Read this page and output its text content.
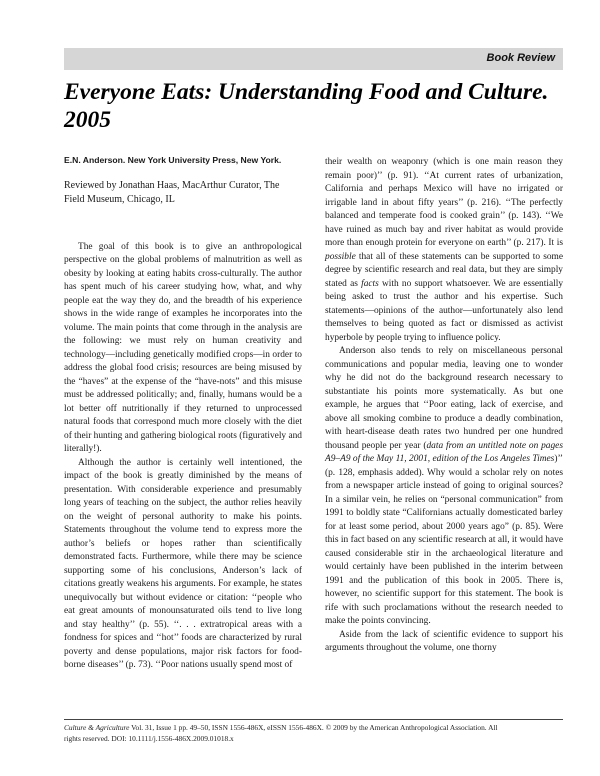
Book Review
Everyone Eats: Understanding Food and Culture.
2005
E.N. Anderson. New York University Press, New York.
Reviewed by Jonathan Haas, MacArthur Curator, The
Field Museum, Chicago, IL

The goal of this book is to give an anthropological perspective on the global problems of malnutrition as well as obesity by looking at eating habits cross-culturally. The author has spent much of his career studying how, what, and why people eat the way they do, and the breadth of his experience shows in the wide range of examples he incorporates into the volume. The main points that come through in the analysis are the following: we must rely on human creativity and technology—including genetically modified crops—in order to address the global food crisis; resources are being misused by the “haves” at the expense of the “have-nots” and this misuse must be addressed politically; and, finally, humans would be a lot better off nutritionally if they returned to unprocessed natural foods that correspond much more closely with the diet of their hunting and gathering biological roots (figuratively and literally!).

Although the author is certainly well intentioned, the impact of the book is greatly diminished by the means of presentation. With considerable experience and presumably long years of teaching on the subject, the author relies heavily on the weight of personal authority to make his points. Statements throughout the volume tend to express more the author’s beliefs or hopes rather than scientifically demonstrated facts. Furthermore, while there may be science supporting some of his conclusions, Anderson’s lack of citations greatly weakens his arguments. For example, he states unequivocally but without evidence or citation: ‘‘people who eat great amounts of monounsaturated oils tend to live long and stay healthy’’ (p. 55). ‘‘. . . extratropical areas with a fondness for spices and ‘‘hot’’ foods are characterized by rural poverty and dense populations, major risk factors for food-borne diseases’’ (p. 73). ‘‘Poor nations usually spend most of

their wealth on weaponry (which is one main reason they remain poor)’’ (p. 91). ‘‘At current rates of urbanization, California and perhaps Mexico will have no irrigated or irrigable land in about fifty years’’ (p. 216). ‘‘The perfectly balanced and temperate food is cooked grain’’ (p. 143). ‘‘We have ruined as much bay and river habitat as would provide more than enough protein for everyone on earth’’ (p. 217). It is possible that all of these statements can be supported to some degree by scientific research and real data, but they are simply stated as facts with no support whatsoever. We are essentially being asked to trust the author and his expertise. Such statements—opinions of the author—unfortunately also lend themselves to being quoted as fact or dismissed as activist hyperbole by people trying to influence policy.

Anderson also tends to rely on miscellaneous personal communications and popular media, leaving one to wonder why he did not do the background research necessary to substantiate his points more systematically. As but one example, he argues that ‘‘Poor eating, lack of exercise, and above all smoking combine to produce a deadly combination, with heart-disease death rates two hundred per one hundred thousand people per year (data from an untitled note on pages A9–A9 of the May 11, 2001, edition of the Los Angeles Times)’’ (p. 128, emphasis added). Why would a scholar rely on notes from a newspaper article instead of going to original sources? In a similar vein, he relies on “personal communication” from 1991 to boldly state “Californians actually domesticated barley for at least some period, about 2000 years ago” (p. 85). Were this in fact based on any scientific research at all, it would have caused considerable stir in the archaeological literature and would certainly have been published in the interim between 1991 and the publication of this book in 2005. There is, however, no scientific support for this statement. The book is rife with such proclamations without the research needed to make the points convincing.

Aside from the lack of scientific evidence to support his arguments throughout the volume, one thorny

Culture & Agriculture Vol. 31, Issue 1 pp. 49–50, ISSN 1556-486X, eISSN 1556-486X. © 2009 by the American Anthropological Association. All
rights reserved. DOI: 10.1111/j.1556-486X.2009.01018.x
